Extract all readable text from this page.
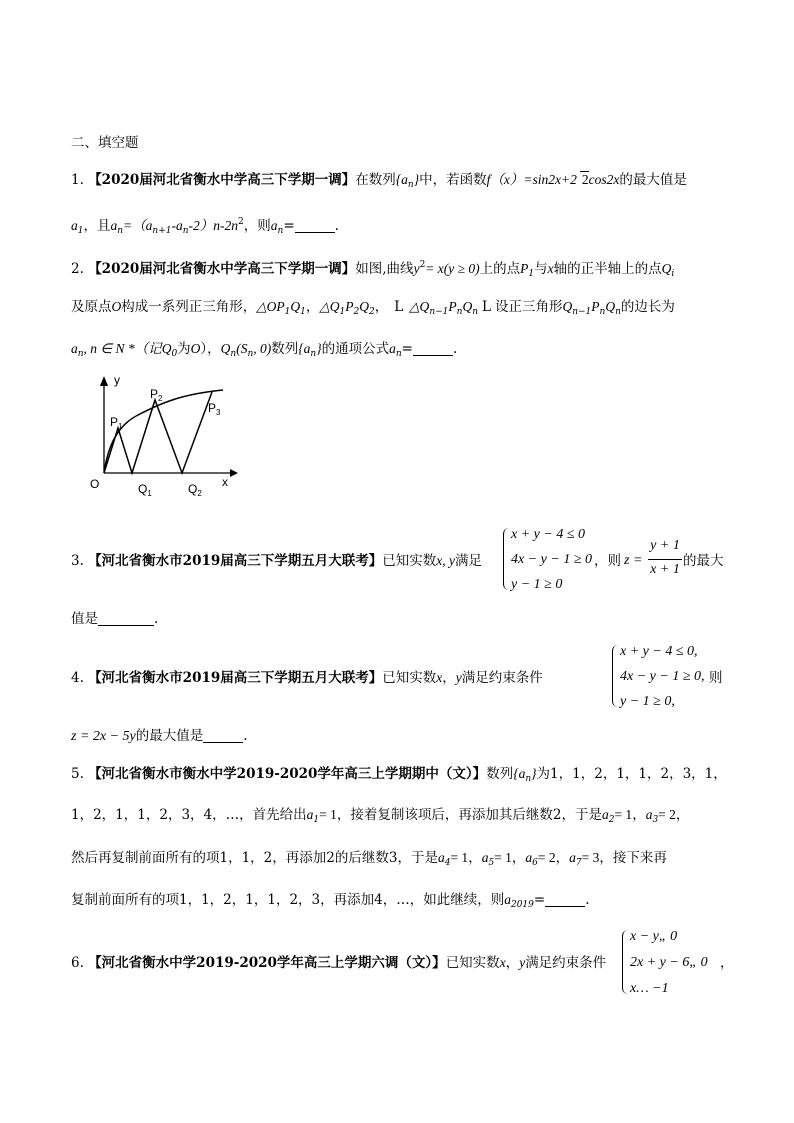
二、填空题
1. 【2020届河北省衡水中学高三下学期一调】在数列$\{a_n\}$中，若函数f（x）=sin2x+2 2cos2x的最大值是
$a_1$，且$a_n=(a_{n+1}-a_n-2)n-2n^2$，则$a_n=$	.
2. 【2020届河北省衡水中学高三下学期一调】如图,曲线$y^2= x(y \ge 0)$上的点$P_1$与x轴的正半轴上的点$Q_i$
及原点O构成一系列正三角形，$\triangle OP_1Q_1$，$\triangle Q_1P_2Q_2$， L $\triangle Q_{n-1}P_nQ_n$ L 设正三角形$Q_{n-1}P_nQ_n$的边长为
$a_n$, n ∈ N *（记$Q_0$为O），$Q_n(S_n$, 0)数列$\{a_n\}$的通项公式$a_n=$	.
y
x
O
$P_1$
$P_2$
$P_3$
$Q_1$	$Q_2$
3. 【河北省衡水市2019届高三下学期五月大联考】已知实数x, y满足
x + y − 4 ≤ 0
4x − y − 1 ≥ 0
y − 1 ≥ 0
，则 z =
y + 1
x + 1
的最大
值是	.
4. 【河北省衡水市2019届高三下学期五月大联考】已知实数x，y满足约束条件
x + y − 4 ≤ 0,
4x − y − 1 ≥ 0,
y − 1 ≥ 0,
则
z = 2x − 5y的最大值是	.
5. 【河北省衡水市衡水中学2019-2020学年高三上学期期中（文）】数列$\{a_n\}$为1，1，2，1，1，2，3，1，
1，2，1，1，2，3，4，…，首先给出$a_1= 1$，接着复制该项后，再添加其后继数2，于是$a_2= 1$，$a_3= 2$，
然后再复制前面所有的项1，1，2，再添加2的后继数3，于是$a_4= 1$，$a_5= 1$，$a_6= 2$，$a_7= 3$，接下来再
复制前面所有的项1，1，2，1，1，2，3，再添加4，…，如此继续，则$a_{2019}=$	.
6. 【河北省衡水中学2019-2020学年高三上学期六调（文）】已知实数x，y满足约束条件
x − y„ 0
2x + y − 6„ 0
x… −1
，
